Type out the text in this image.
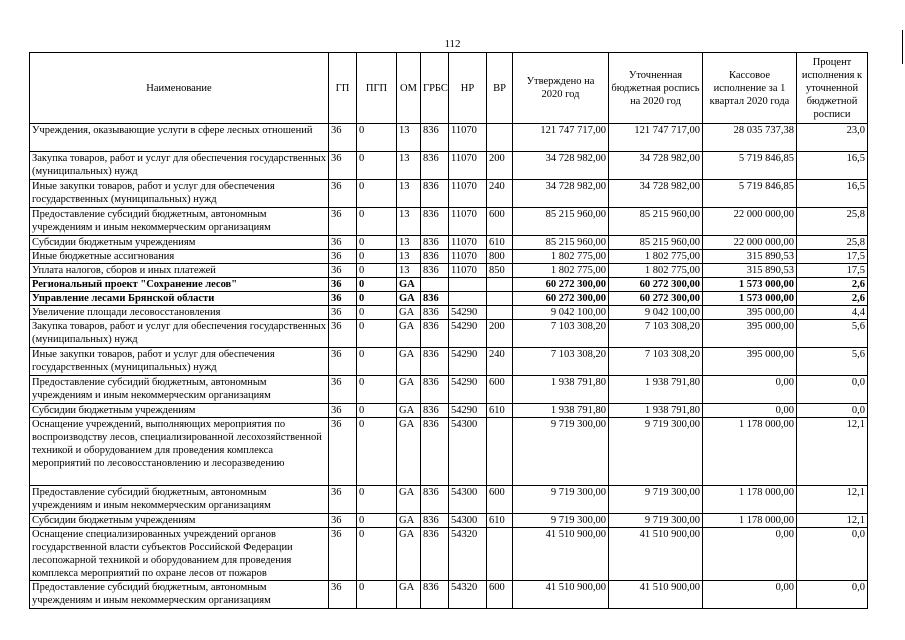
112
Наименование	ГП	ПГП	ОМ	ГРБС	НР	ВР	Утверждено на 2020 год	Уточненная бюджетная роспись на 2020 год	Кассовое исполнение за 1 квартал 2020 года	Процент исполнения к уточненной бюджетной росписи
Учреждения, оказывающие услуги в сфере лесных отношений	36	0	13	836	11070		121 747 717,00	121 747 717,00	28 035 737,38	23,0
Закупка товаров, работ и услуг для обеспечения государственных (муниципальных) нужд	36	0	13	836	11070	200	34 728 982,00	34 728 982,00	5 719 846,85	16,5
Иные закупки товаров, работ и услуг для обеспечения государственных (муниципальных) нужд	36	0	13	836	11070	240	34 728 982,00	34 728 982,00	5 719 846,85	16,5
Предоставление субсидий бюджетным, автономным учреждениям и иным некоммерческим организациям	36	0	13	836	11070	600	85 215 960,00	85 215 960,00	22 000 000,00	25,8
Субсидии бюджетным учреждениям	36	0	13	836	11070	610	85 215 960,00	85 215 960,00	22 000 000,00	25,8
Иные бюджетные ассигнования	36	0	13	836	11070	800	1 802 775,00	1 802 775,00	315 890,53	17,5
Уплата налогов, сборов и иных платежей	36	0	13	836	11070	850	1 802 775,00	1 802 775,00	315 890,53	17,5
Региональный проект "Сохранение лесов"	36	0	GA				60 272 300,00	60 272 300,00	1 573 000,00	2,6
Управление лесами Брянской области	36	0	GA	836			60 272 300,00	60 272 300,00	1 573 000,00	2,6
Увеличение площади лесовосстановления	36	0	GA	836	54290		9 042 100,00	9 042 100,00	395 000,00	4,4
Закупка товаров, работ и услуг для обеспечения государственных (муниципальных) нужд	36	0	GA	836	54290	200	7 103 308,20	7 103 308,20	395 000,00	5,6
Иные закупки товаров, работ и услуг для обеспечения государственных (муниципальных) нужд	36	0	GA	836	54290	240	7 103 308,20	7 103 308,20	395 000,00	5,6
Предоставление субсидий бюджетным, автономным учреждениям и иным некоммерческим организациям	36	0	GA	836	54290	600	1 938 791,80	1 938 791,80	0,00	0,0
Субсидии бюджетным учреждениям	36	0	GA	836	54290	610	1 938 791,80	1 938 791,80	0,00	0,0
Оснащение учреждений, выполняющих мероприятия по воспроизводству лесов, специализированной лесохозяйственной техникой и оборудованием для проведения комплекса мероприятий по лесовосстановлению и лесоразведению	36	0	GA	836	54300		9 719 300,00	9 719 300,00	1 178 000,00	12,1
Предоставление субсидий бюджетным, автономным учреждениям и иным некоммерческим организациям	36	0	GA	836	54300	600	9 719 300,00	9 719 300,00	1 178 000,00	12,1
Субсидии бюджетным учреждениям	36	0	GA	836	54300	610	9 719 300,00	9 719 300,00	1 178 000,00	12,1
Оснащение специализированных учреждений органов государственной власти субъектов Российской Федерации лесопожарной техникой и оборудованием для проведения комплекса мероприятий по охране лесов от пожаров	36	0	GA	836	54320		41 510 900,00	41 510 900,00	0,00	0,0
Предоставление субсидий бюджетным, автономным учреждениям и иным некоммерческим организациям	36	0	GA	836	54320	600	41 510 900,00	41 510 900,00	0,00	0,0
